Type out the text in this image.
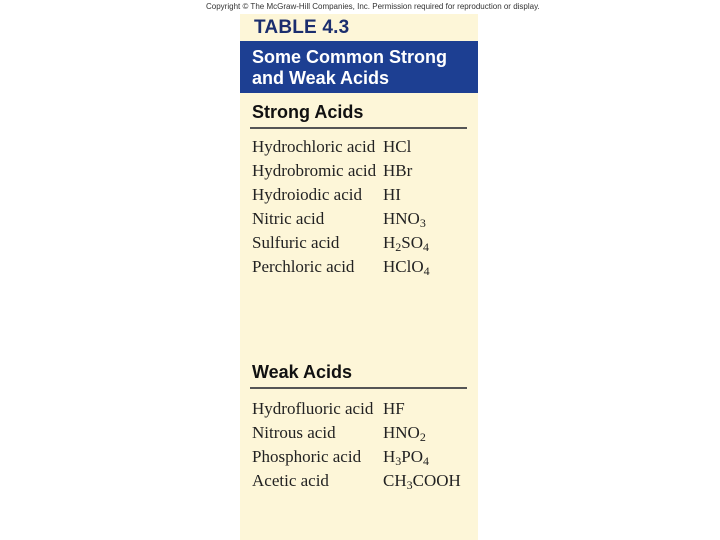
Copyright © The McGraw-Hill Companies, Inc. Permission required for reproduction or display.
TABLE 4.3
Some Common Strong and Weak Acids
Strong Acids
Hydrochloric acid HCl
Hydrobromic acid HBr
Hydroiodic acid	HI
Nitric acid	$HNO_3$
Sulfuric acid	$H_2SO_4$
Perchloric acid	HClO$_4$
Weak Acids
Hydrofluoric acid HF
Nitrous acid	$HNO_2$
Phosphoric acid	$H_3PO_4$
Acetic acid	$CH_3COOH$
